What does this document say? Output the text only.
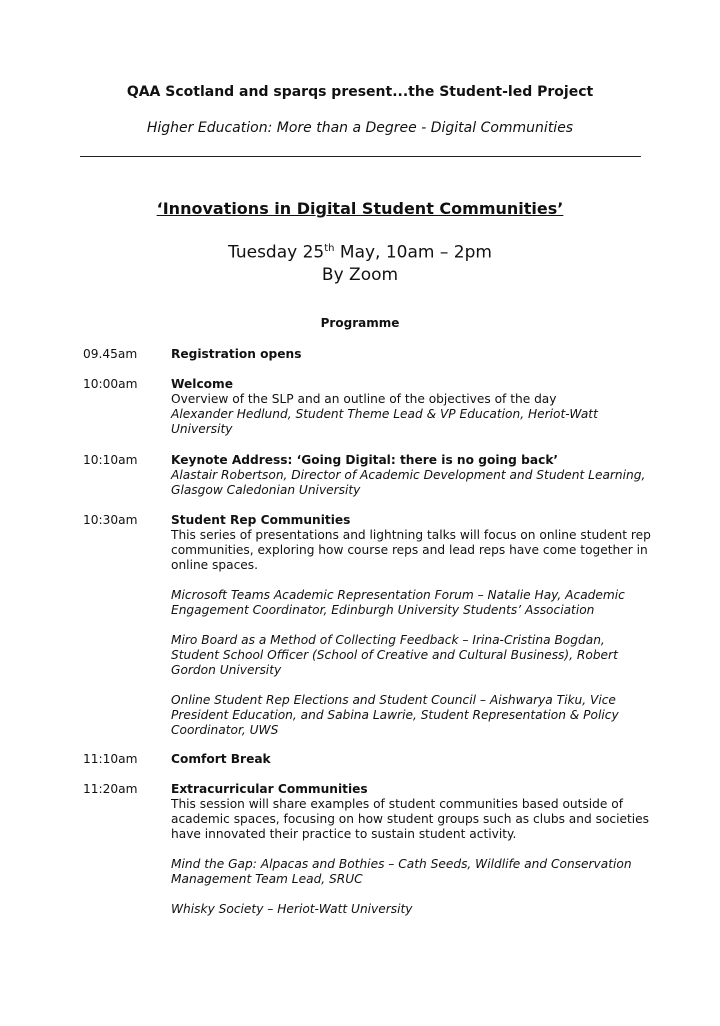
QAA Scotland and sparqs present...the Student-led Project
Higher Education: More than a Degree - Digital Communities
‘Innovations in Digital Student Communities’
Tuesday 25th May, 10am – 2pm
By Zoom
Programme
09.45am	Registration opens
10:00am	Welcome
Overview of the SLP and an outline of the objectives of the day
Alexander Hedlund, Student Theme Lead & VP Education, Heriot-Watt University
10:10am	Keynote Address: ‘Going Digital: there is no going back’
Alastair Robertson, Director of Academic Development and Student Learning, Glasgow Caledonian University
10:30am	Student Rep Communities
This series of presentations and lightning talks will focus on online student rep communities, exploring how course reps and lead reps have come together in online spaces.
Microsoft Teams Academic Representation Forum – Natalie Hay, Academic Engagement Coordinator, Edinburgh University Students’ Association
Miro Board as a Method of Collecting Feedback – Irina-Cristina Bogdan, Student School Officer (School of Creative and Cultural Business), Robert Gordon University
Online Student Rep Elections and Student Council – Aishwarya Tiku, Vice President Education, and Sabina Lawrie, Student Representation & Policy Coordinator, UWS
11:10am	Comfort Break
11:20am	Extracurricular Communities
This session will share examples of student communities based outside of academic spaces, focusing on how student groups such as clubs and societies have innovated their practice to sustain student activity.
Mind the Gap: Alpacas and Bothies – Cath Seeds, Wildlife and Conservation Management Team Lead, SRUC
Whisky Society – Heriot-Watt University
